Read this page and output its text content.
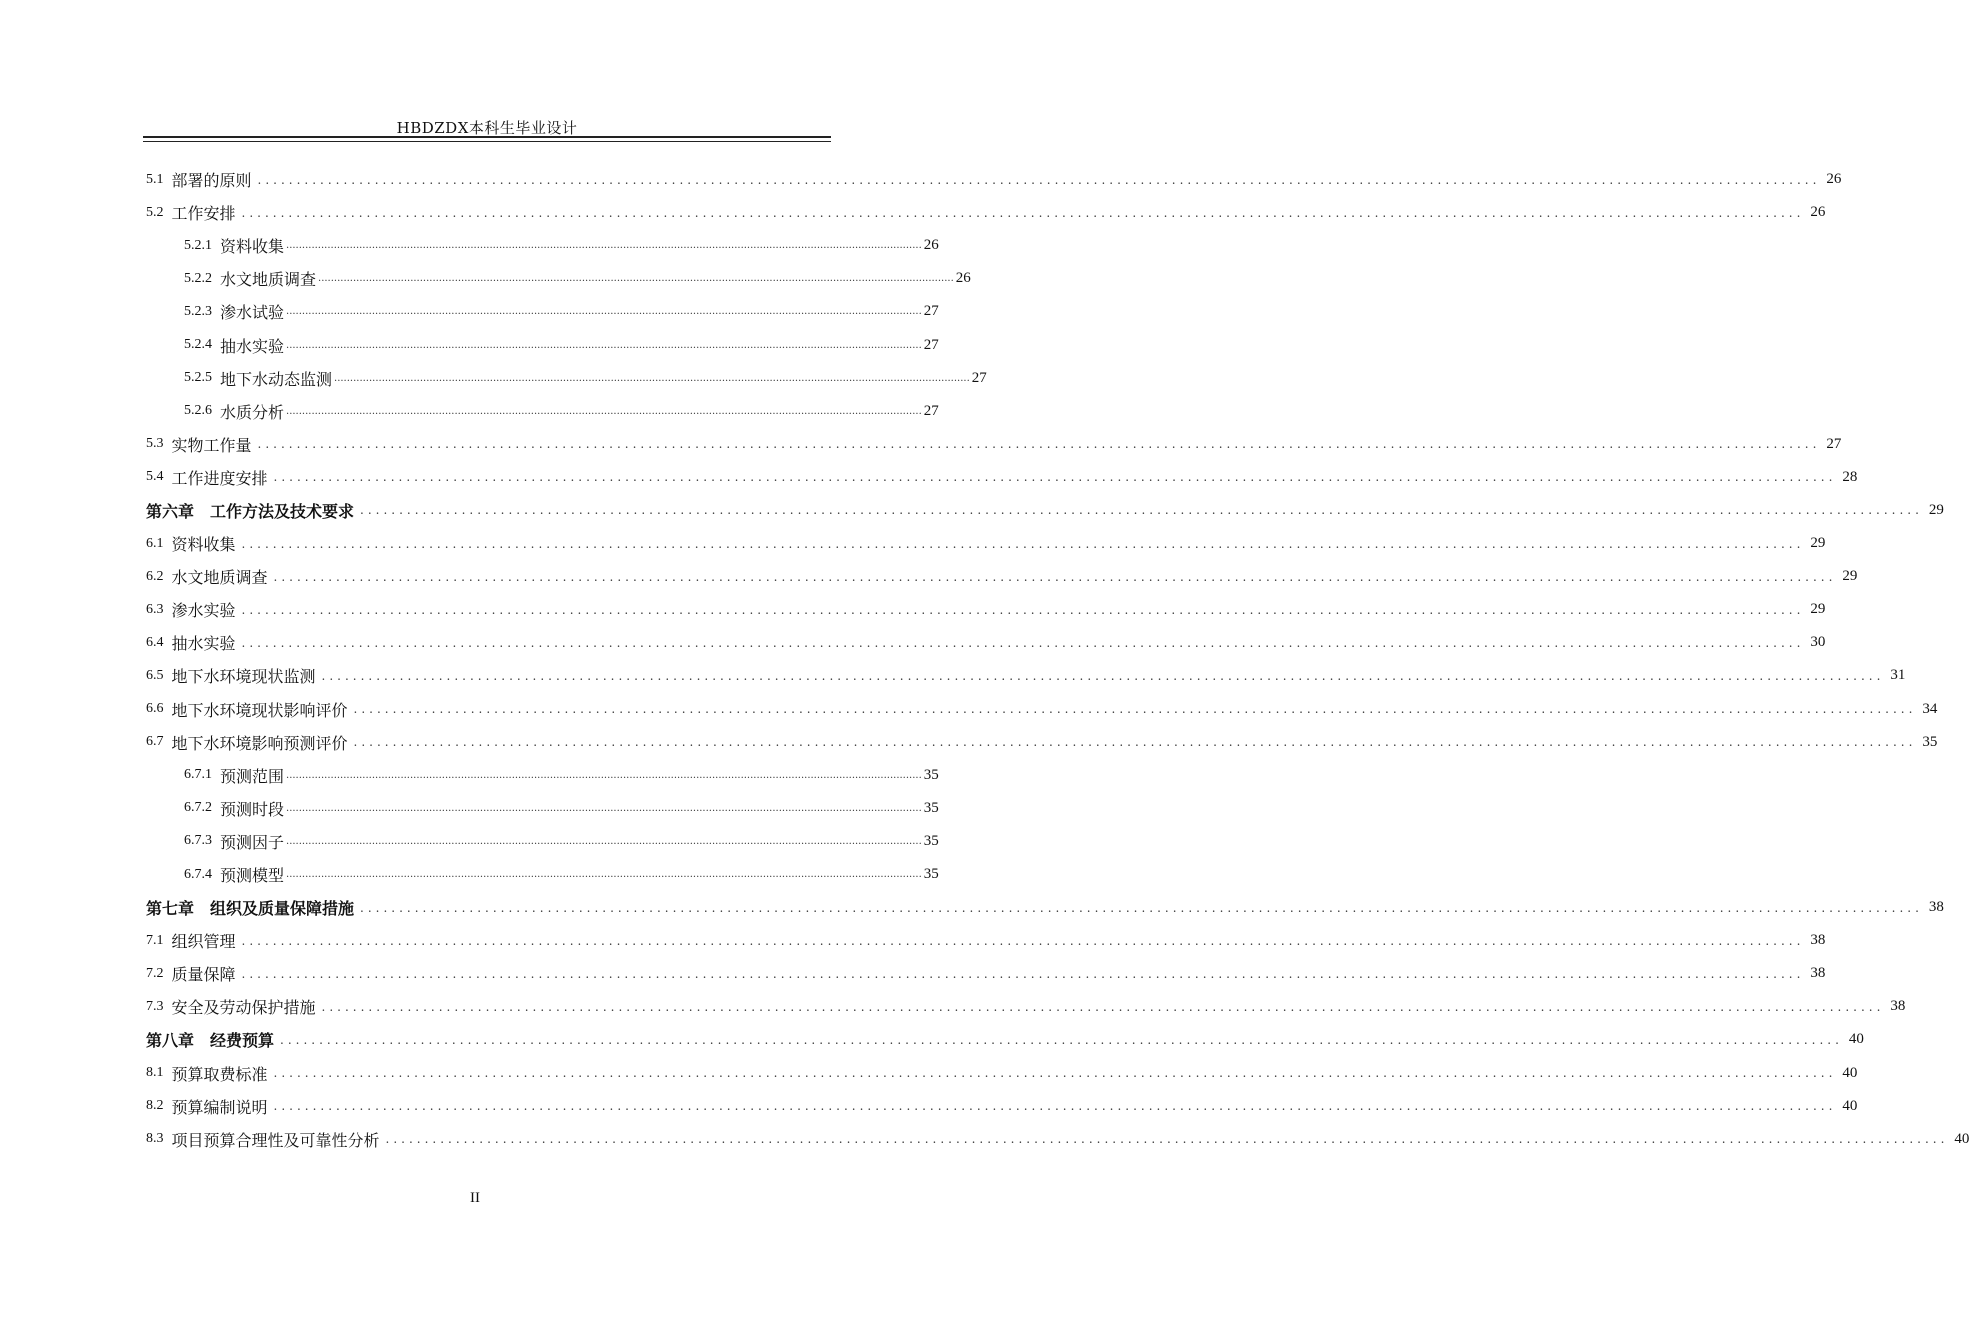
HBDZDX本科生毕业设计
5.1 部署的原则 ........................................................................................................................................................................................................ 26
5.2 工作安排 ........................................................................................................................................................................................................ 26
5.2.1 资料收集 ........................................................................................................................................................................................................ 26
5.2.2 水文地质调查 ........................................................................................................................................................................................................ 26
5.2.3 渗水试验 ........................................................................................................................................................................................................ 27
5.2.4 抽水实验 ........................................................................................................................................................................................................ 27
5.2.5 地下水动态监测 ........................................................................................................................................................................................................ 27
5.2.6 水质分析 ........................................................................................................................................................................................................ 27
5.3 实物工作量 ........................................................................................................................................................................................................ 27
5.4 工作进度安排 ........................................................................................................................................................................................................ 28
第六章　工作方法及技术要求 ........................................................................................................................................................................................................ 29
6.1 资料收集 ........................................................................................................................................................................................................ 29
6.2 水文地质调查 ........................................................................................................................................................................................................ 29
6.3 渗水实验 ........................................................................................................................................................................................................ 29
6.4 抽水实验 ........................................................................................................................................................................................................ 30
6.5 地下水环境现状监测 ........................................................................................................................................................................................................ 31
6.6 地下水环境现状影响评价 ........................................................................................................................................................................................................ 34
6.7 地下水环境影响预测评价 ........................................................................................................................................................................................................ 35
6.7.1 预测范围 ........................................................................................................................................................................................................ 35
6.7.2 预测时段 ........................................................................................................................................................................................................ 35
6.7.3 预测因子 ........................................................................................................................................................................................................ 35
6.7.4 预测模型 ........................................................................................................................................................................................................ 35
第七章　组织及质量保障措施 ........................................................................................................................................................................................................ 38
7.1 组织管理 ........................................................................................................................................................................................................ 38
7.2 质量保障 ........................................................................................................................................................................................................ 38
7.3 安全及劳动保护措施 ........................................................................................................................................................................................................ 38
第八章　经费预算 ........................................................................................................................................................................................................ 40
8.1 预算取费标准 ........................................................................................................................................................................................................ 40
8.2 预算编制说明 ........................................................................................................................................................................................................ 40
8.3 项目预算合理性及可靠性分析 ........................................................................................................................................................................................................ 40
II
